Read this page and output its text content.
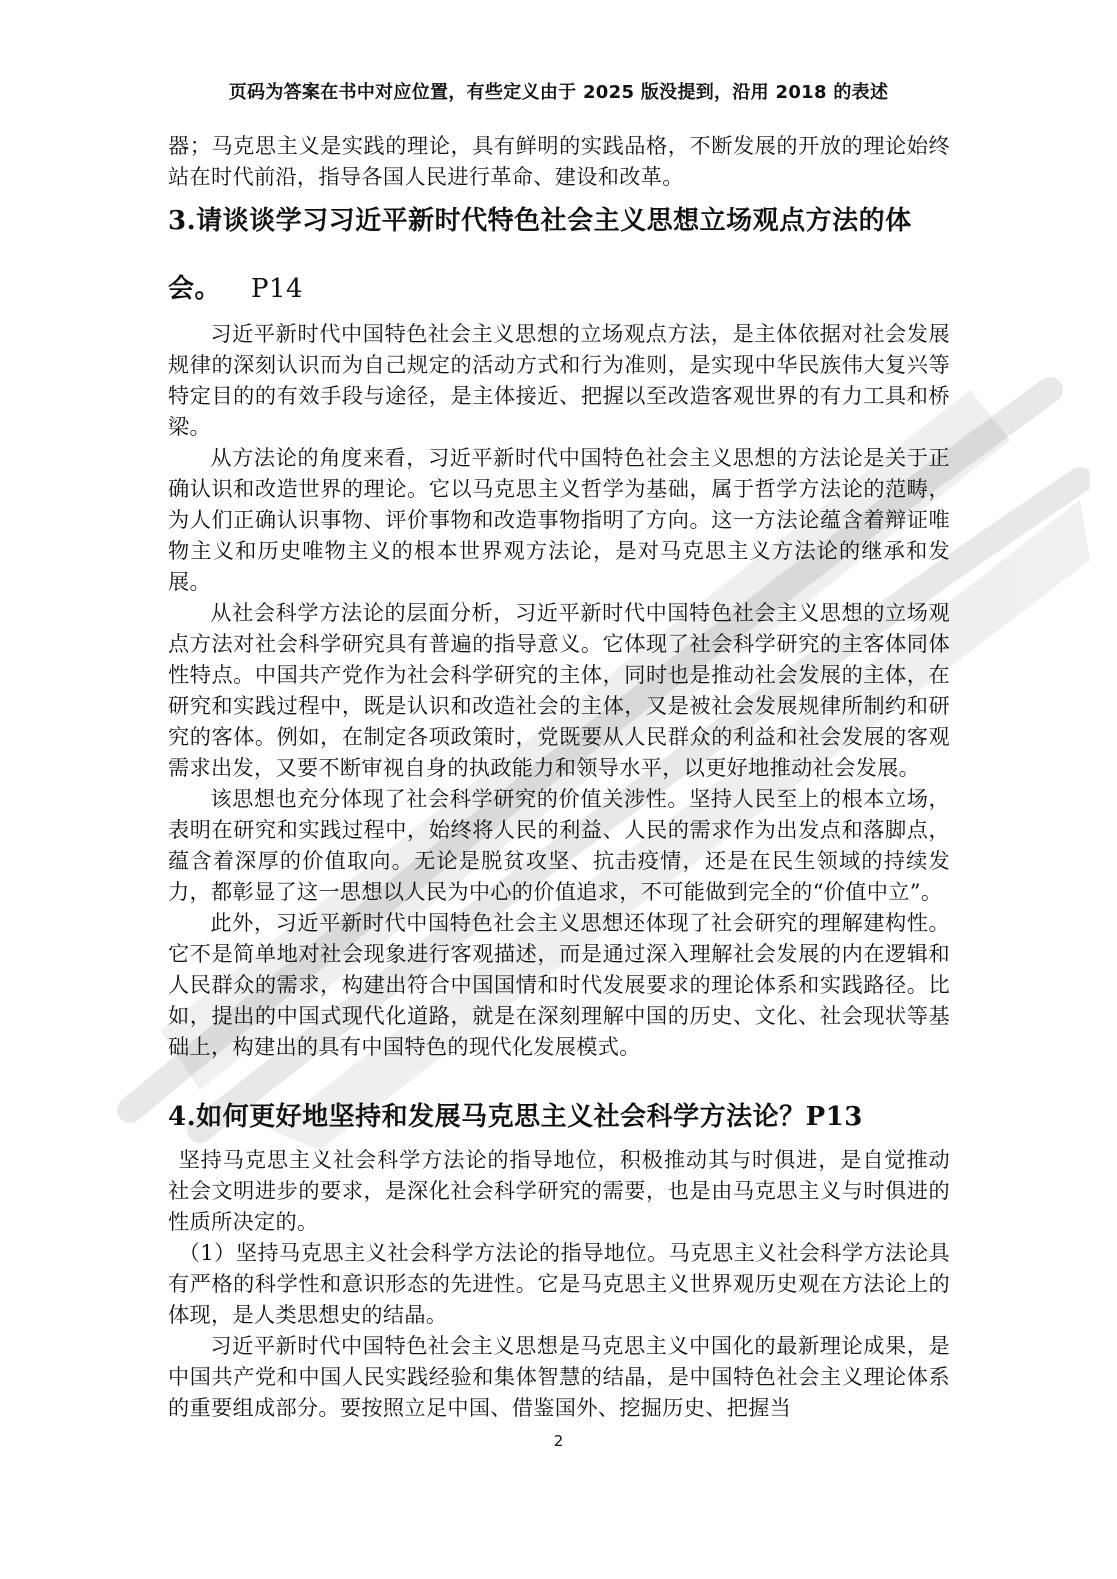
页码为答案在书中对应位置，有些定义由于 2025 版没提到，沿用 2018 的表述

器；马克思主义是实践的理论，具有鲜明的实践品格，不断发展的开放的理论始终站在时代前沿，指导各国人民进行革命、建设和改革。

3.请谈谈学习习近平新时代特色社会主义思想立场观点方法的体
会。 P14

习近平新时代中国特色社会主义思想的立场观点方法，是主体依据对社会发展规律的深刻认识而为自己规定的活动方式和行为准则，是实现中华民族伟大复兴等特定目的的有效手段与途径，是主体接近、把握以至改造客观世界的有力工具和桥梁。

从方法论的角度来看，习近平新时代中国特色社会主义思想的方法论是关于正确认识和改造世界的理论。它以马克思主义哲学为基础，属于哲学方法论的范畴，为人们正确认识事物、评价事物和改造事物指明了方向。这一方法论蕴含着辩证唯物主义和历史唯物主义的根本世界观方法论，是对马克思主义方法论的继承和发展。

从社会科学方法论的层面分析，习近平新时代中国特色社会主义思想的立场观点方法对社会科学研究具有普遍的指导意义。它体现了社会科学研究的主客体同体性特点。中国共产党作为社会科学研究的主体，同时也是推动社会发展的主体，在研究和实践过程中，既是认识和改造社会的主体，又是被社会发展规律所制约和研究的客体。例如，在制定各项政策时，党既要从人民群众的利益和社会发展的客观需求出发，又要不断审视自身的执政能力和领导水平，以更好地推动社会发展。

该思想也充分体现了社会科学研究的价值关涉性。坚持人民至上的根本立场，表明在研究和实践过程中，始终将人民的利益、人民的需求作为出发点和落脚点，蕴含着深厚的价值取向。无论是脱贫攻坚、抗击疫情，还是在民生领域的持续发力，都彰显了这一思想以人民为中心的价值追求，不可能做到完全的“价值中立”。

此外，习近平新时代中国特色社会主义思想还体现了社会研究的理解建构性。它不是简单地对社会现象进行客观描述，而是通过深入理解社会发展的内在逻辑和人民群众的需求，构建出符合中国国情和时代发展要求的理论体系和实践路径。比如，提出的中国式现代化道路，就是在深刻理解中国的历史、文化、社会现状等基础上，构建出的具有中国特色的现代化发展模式。

4.如何更好地坚持和发展马克思主义社会科学方法论？P13

坚持马克思主义社会科学方法论的指导地位，积极推动其与时俱进，是自觉推动社会文明进步的要求，是深化社会科学研究的需要，也是由马克思主义与时俱进的性质所决定的。

（1）坚持马克思主义社会科学方法论的指导地位。马克思主义社会科学方法论具有严格的科学性和意识形态的先进性。它是马克思主义世界观历史观在方法论上的体现，是人类思想史的结晶。

习近平新时代中国特色社会主义思想是马克思主义中国化的最新理论成果，是中国共产党和中国人民实践经验和集体智慧的结晶，是中国特色社会主义理论体系的重要组成部分。要按照立足中国、借鉴国外、挖掘历史、把握当

2
